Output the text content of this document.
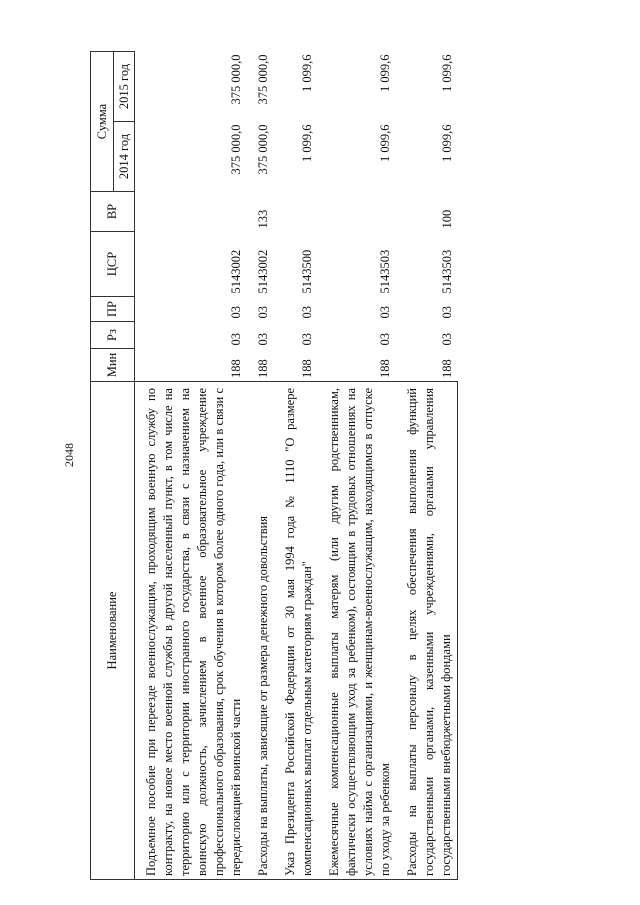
2048
Наименование	Мин	Рз	ПР	ЦСР	ВР	Сумма	
						2014 год	2015 год
Подъемное пособие при переезде военнослужащим, проходящим военную службу по контракту, на новое место военной службы в другой населенный пункт, в том числе на территорию или с территории иностранного государства, в связи с назначением на воинскую должность, зачислением в военное образовательное учреждение профессионального образования, срок обучения в котором более одного года, или в связи с передислокацией воинской части	188	03	03	5143002		375 000,0	375 000,0
Расходы на выплаты, зависящие от размера денежного довольствия	188	03	03	5143002	133	375 000,0	375 000,0
Указ Президента Российской Федерации от 30 мая 1994 года № 1110 "О размере компенсационных выплат отдельным категориям граждан"	188	03	03	5143500		1 099,6	1 099,6
Ежемесячные компенсационные выплаты матерям (или другим родственникам, фактически осуществляющим уход за ребенком), состоящим в трудовых отношениях на условиях найма с организациями, и женщинам-военнослужащим, находящимся в отпуске по уходу за ребенком	188	03	03	5143503		1 099,6	1 099,6
Расходы на выплаты персоналу в целях обеспечения выполнения функций государственными органами, казенными учреждениями, органами управления государственными внебюджетными фондами	188	03	03	5143503	100	1 099,6	1 099,6
